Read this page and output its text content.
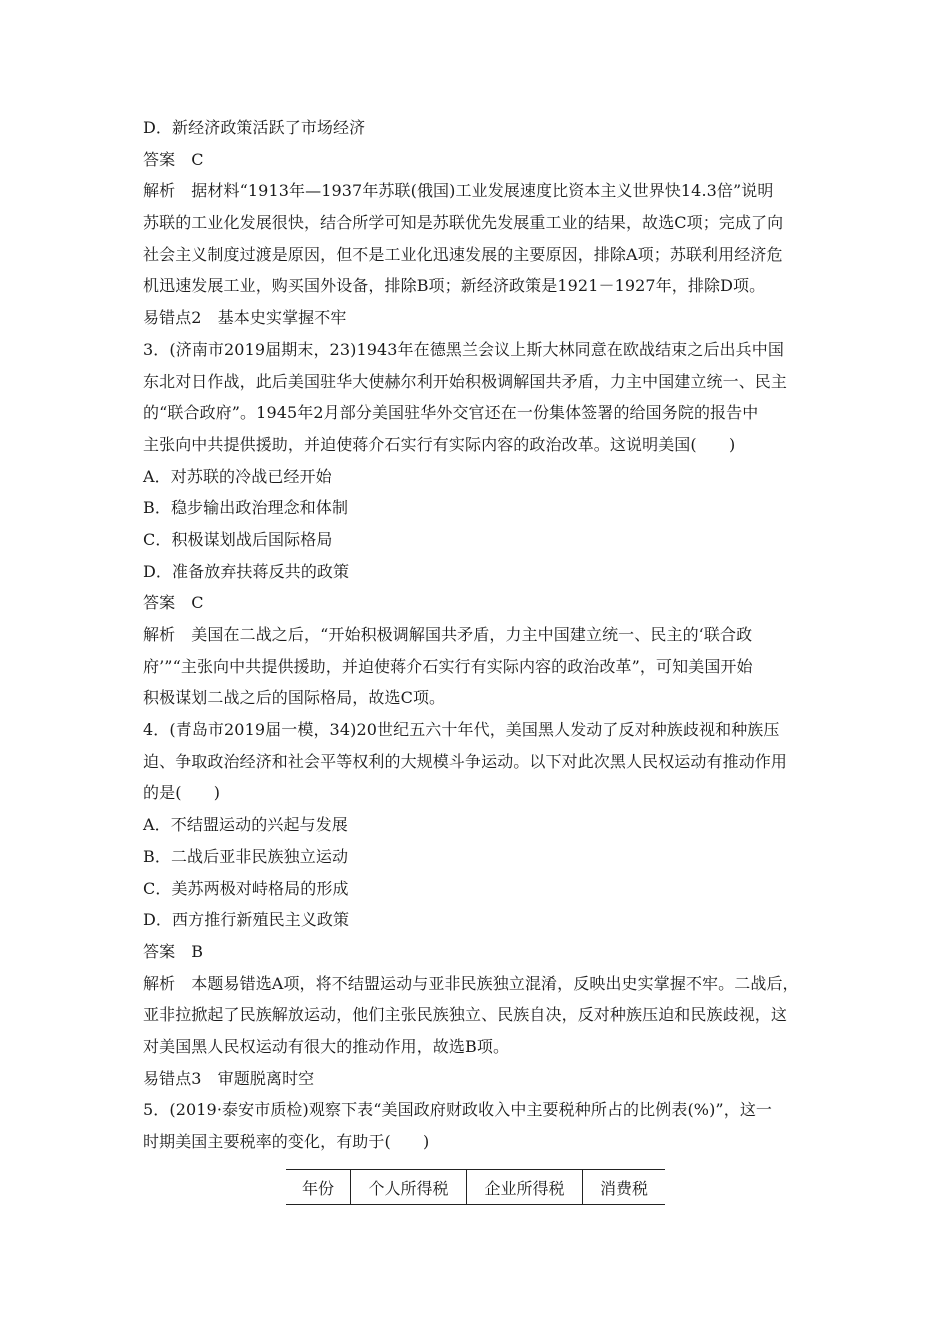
D．新经济政策活跃了市场经济
答案　C
解析　据材料“1913年—1937年苏联(俄国)工业发展速度比资本主义世界快14.3倍”说明
苏联的工业化发展很快，结合所学可知是苏联优先发展重工业的结果，故选C项；完成了向
社会主义制度过渡是原因，但不是工业化迅速发展的主要原因，排除A项；苏联利用经济危
机迅速发展工业，购买国外设备，排除B项；新经济政策是1921－1927年，排除D项。
易错点2　基本史实掌握不牢
3．(济南市2019届期末，23)1943年在德黑兰会议上斯大林同意在欧战结束之后出兵中国
东北对日作战，此后美国驻华大使赫尔利开始积极调解国共矛盾，力主中国建立统一、民主
的“联合政府”。1945年2月部分美国驻华外交官还在一份集体签署的给国务院的报告中
主张向中共提供援助，并迫使蒋介石实行有实际内容的政治改革。这说明美国(　　)
A．对苏联的冷战已经开始
B．稳步输出政治理念和体制
C．积极谋划战后国际格局
D．准备放弃扶蒋反共的政策
答案　C
解析　美国在二战之后，“开始积极调解国共矛盾，力主中国建立统一、民主的‘联合政
府’”“主张向中共提供援助，并迫使蒋介石实行有实际内容的政治改革”，可知美国开始
积极谋划二战之后的国际格局，故选C项。
4．(青岛市2019届一模，34)20世纪五六十年代，美国黑人发动了反对种族歧视和种族压
迫、争取政治经济和社会平等权利的大规模斗争运动。以下对此次黑人民权运动有推动作用
的是(　　)
A．不结盟运动的兴起与发展
B．二战后亚非民族独立运动
C．美苏两极对峙格局的形成
D．西方推行新殖民主义政策
答案　B
解析　本题易错选A项，将不结盟运动与亚非民族独立混淆，反映出史实掌握不牢。二战后，
亚非拉掀起了民族解放运动，他们主张民族独立、民族自决，反对种族压迫和民族歧视，这
对美国黑人民权运动有很大的推动作用，故选B项。
易错点3　审题脱离时空
5．(2019·泰安市质检)观察下表“美国政府财政收入中主要税种所占的比例表(%)”，这一
时期美国主要税率的变化，有助于(　　)
年份	个人所得税	企业所得税	消费税
